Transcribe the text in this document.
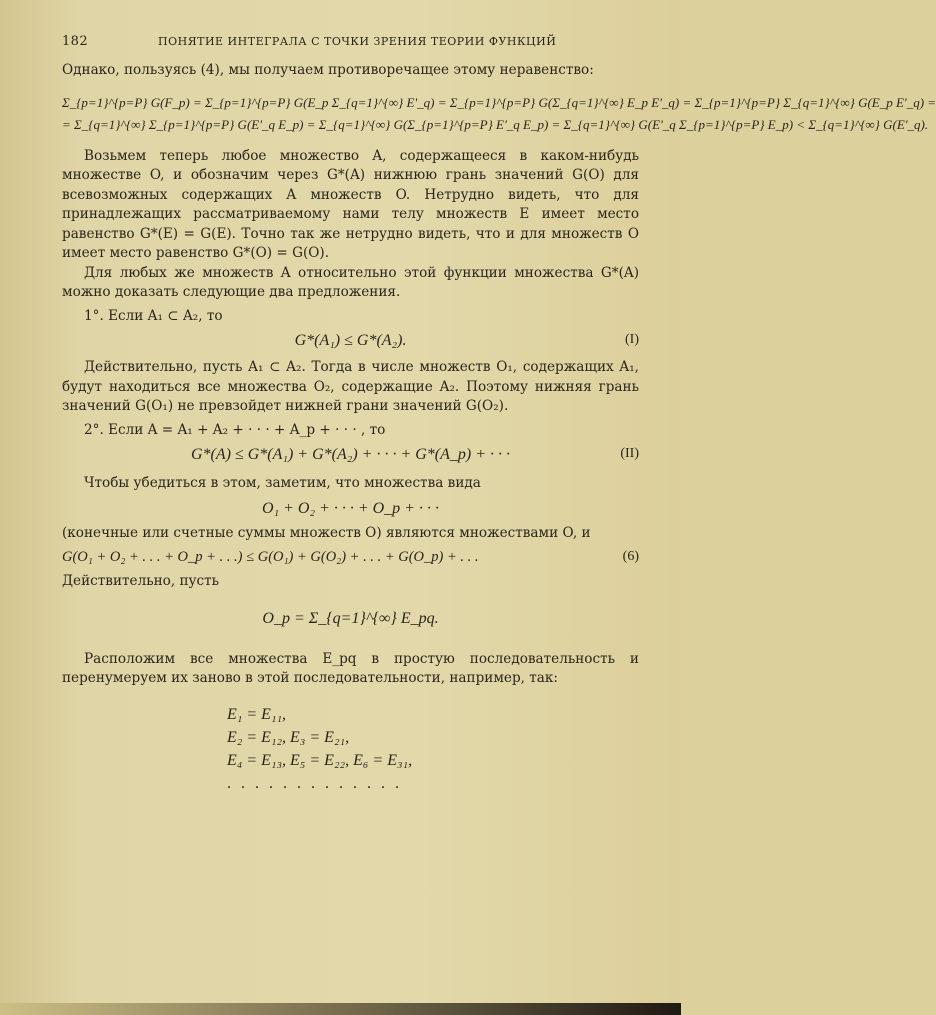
182	ПОНЯТИЕ ИНТЕГРАЛА С ТОЧКИ ЗРЕНИЯ ТЕОРИИ ФУНКЦИЙ

Однако, пользуясь (4), мы получаем противоречащее этому неравенство:

Σ_{p=1}^{p=P} G(F_p) = Σ_{p=1}^{p=P} G(E_p Σ_{q=1}^{∞} E'_q) = Σ_{p=1}^{p=P} G(Σ_{q=1}^{∞} E_p E'_q) = Σ_{p=1}^{p=P} Σ_{q=1}^{∞} G(E_p E'_q) =
= Σ_{q=1}^{∞} Σ_{p=1}^{p=P} G(E'_q E_p) = Σ_{q=1}^{∞} G(Σ_{p=1}^{p=P} E'_q E_p) = Σ_{q=1}^{∞} G(E'_q Σ_{p=1}^{p=P} E_p) < Σ_{q=1}^{∞} G(E'_q).

Возьмем теперь любое множество A, содержащееся в каком-нибудь множестве O, и обозначим через G*(A) нижнюю грань значений G(O) для всевозможных содержащих A множеств O. Нетрудно видеть, что для принадлежащих рассматриваемому нами телу множеств E имеет место равенство G*(E) = G(E). Точно так же нетрудно видеть, что и для множеств O имеет место равенство G*(O) = G(O).

Для любых же множеств A относительно этой функции множества G*(A) можно доказать следующие два предложения.

1°. Если A₁ ⊂ A₂, то

G*(A₁) ≤ G*(A₂).	(I)

Действительно, пусть A₁ ⊂ A₂. Тогда в числе множеств O₁, содержащих A₁, будут находиться все множества O₂, содержащие A₂. Поэтому нижняя грань значений G(O₁) не превзойдет нижней грани значений G(O₂).

2°. Если A = A₁ + A₂ + · · · + A_p + · · · , то

G*(A) ≤ G*(A₁) + G*(A₂) + · · · + G*(A_p) + · · ·	(II)

Чтобы убедиться в этом, заметим, что множества вида

O₁ + O₂ + · · · + O_p + · · ·

(конечные или счетные суммы множеств O) являются множествами O, и

G(O₁ + O₂ + . . . + O_p + . . .) ≤ G(O₁) + G(O₂) + . . . + G(O_p) + . . .	(6)

Действительно, пусть

O_p = Σ_{q=1}^{∞} E_pq.

Расположим все множества E_pq в простую последовательность и перенумеруем их заново в этой последовательности, например, так:

E₁ = E₁₁,
E₂ = E₁₂, E₃ = E₂₁,
E₄ = E₁₃, E₅ = E₂₂, E₆ = E₃₁,
. . . . . . . . . . . . .
